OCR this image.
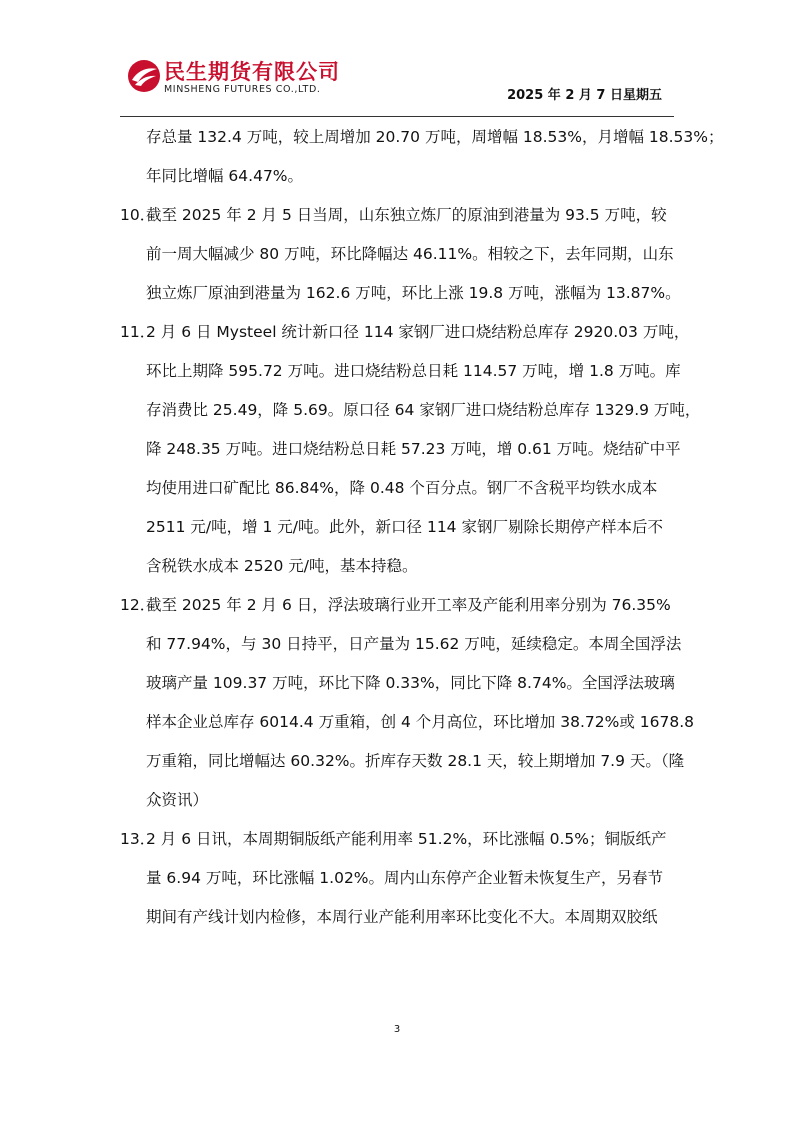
民生期货有限公司
MINSHENG FUTURES CO.,LTD.	2025 年 2 月 7 日星期五
存总量 132.4 万吨，较上周增加 20.70 万吨，周增幅 18.53%，月增幅 18.53%；
年同比增幅 64.47%。
10．截至 2025 年 2 月 5 日当周，山东独立炼厂的原油到港量为 93.5 万吨，较
前一周大幅减少 80 万吨，环比降幅达 46.11%。相较之下，去年同期，山东
独立炼厂原油到港量为 162.6 万吨，环比上涨 19.8 万吨，涨幅为 13.87%。
11．2 月 6 日 Mysteel 统计新口径 114 家钢厂进口烧结粉总库存 2920.03 万吨，
环比上期降 595.72 万吨。进口烧结粉总日耗 114.57 万吨，增 1.8 万吨。库
存消费比 25.49，降 5.69。原口径 64 家钢厂进口烧结粉总库存 1329.9 万吨，
降 248.35 万吨。进口烧结粉总日耗 57.23 万吨，增 0.61 万吨。烧结矿中平
均使用进口矿配比 86.84%，降 0.48 个百分点。钢厂不含税平均铁水成本
2511 元/吨，增 1 元/吨。此外，新口径 114 家钢厂剔除长期停产样本后不
含税铁水成本 2520 元/吨，基本持稳。
12．截至 2025 年 2 月 6 日，浮法玻璃行业开工率及产能利用率分别为 76.35%
和 77.94%，与 30 日持平，日产量为 15.62 万吨，延续稳定。本周全国浮法
玻璃产量 109.37 万吨，环比下降 0.33%，同比下降 8.74%。全国浮法玻璃
样本企业总库存 6014.4 万重箱，创 4 个月高位，环比增加 38.72%或 1678.8
万重箱，同比增幅达 60.32%。折库存天数 28.1 天，较上期增加 7.9 天。（隆
众资讯）
13．2 月 6 日讯，本周期铜版纸产能利用率 51.2%，环比涨幅 0.5%；铜版纸产
量 6.94 万吨，环比涨幅 1.02%。周内山东停产企业暂未恢复生产，另春节
期间有产线计划内检修，本周行业产能利用率环比变化不大。本周期双胶纸
3
